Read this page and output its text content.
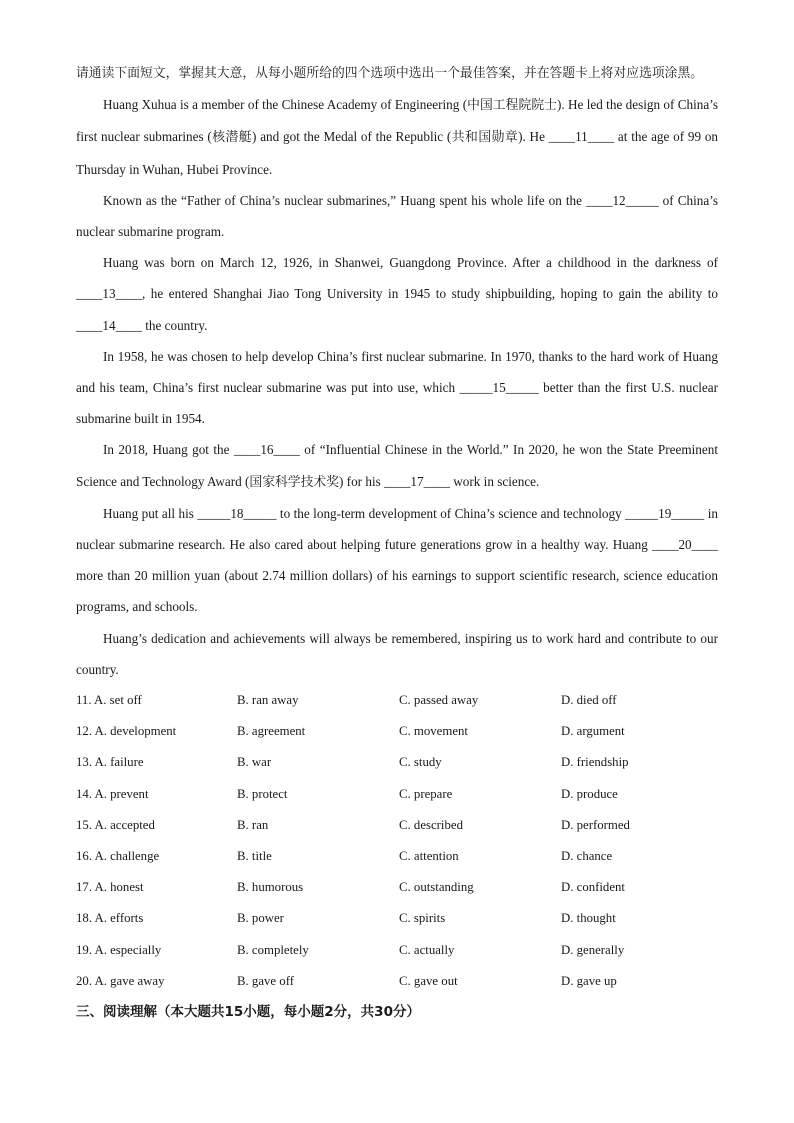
请通读下面短文，掌握其大意，从每小题所给的四个选项中选出一个最佳答案，并在答题卡上将对应选项涂黑。

Huang Xuhua is a member of the Chinese Academy of Engineering (中国工程院院士). He led the design of China’s first nuclear submarines (核潜艇) and got the Medal of the Republic (共和国勋章). He ____11____ at the age of 99 on Thursday in Wuhan, Hubei Province.

Known as the “Father of China’s nuclear submarines,” Huang spent his whole life on the ____12_____ of China’s nuclear submarine program.

Huang was born on March 12, 1926, in Shanwei, Guangdong Province. After a childhood in the darkness of ____13____, he entered Shanghai Jiao Tong University in 1945 to study shipbuilding, hoping to gain the ability to ____14____ the country.

In 1958, he was chosen to help develop China’s first nuclear submarine. In 1970, thanks to the hard work of Huang and his team, China’s first nuclear submarine was put into use, which _____15_____ better than the first U.S. nuclear submarine built in 1954.

In 2018, Huang got the ____16____ of “Influential Chinese in the World.” In 2020, he won the State Preeminent Science and Technology Award (国家科学技术奖) for his ____17____ work in science.

Huang put all his _____18_____ to the long-term development of China’s science and technology _____19_____ in nuclear submarine research. He also cared about helping future generations grow in a healthy way. Huang ____20____ more than 20 million yuan (about 2.74 million dollars) of his earnings to support scientific research, science education programs, and schools.

Huang’s dedication and achievements will always be remembered, inspiring us to work hard and contribute to our country.

11. A. set off	B. ran away	C. passed away	D. died off
12. A. development	B. agreement	C. movement	D. argument
13. A. failure	B. war	C. study	D. friendship
14. A. prevent	B. protect	C. prepare	D. produce
15. A. accepted	B. ran	C. described	D. performed
16. A. challenge	B. title	C. attention	D. chance
17. A. honest	B. humorous	C. outstanding	D. confident
18. A. efforts	B. power	C. spirits	D. thought
19. A. especially	B. completely	C. actually	D. generally
20. A. gave away	B. gave off	C. gave out	D. gave up
三、阅读理解（本大题共15小题，每小题2分，共30分）
